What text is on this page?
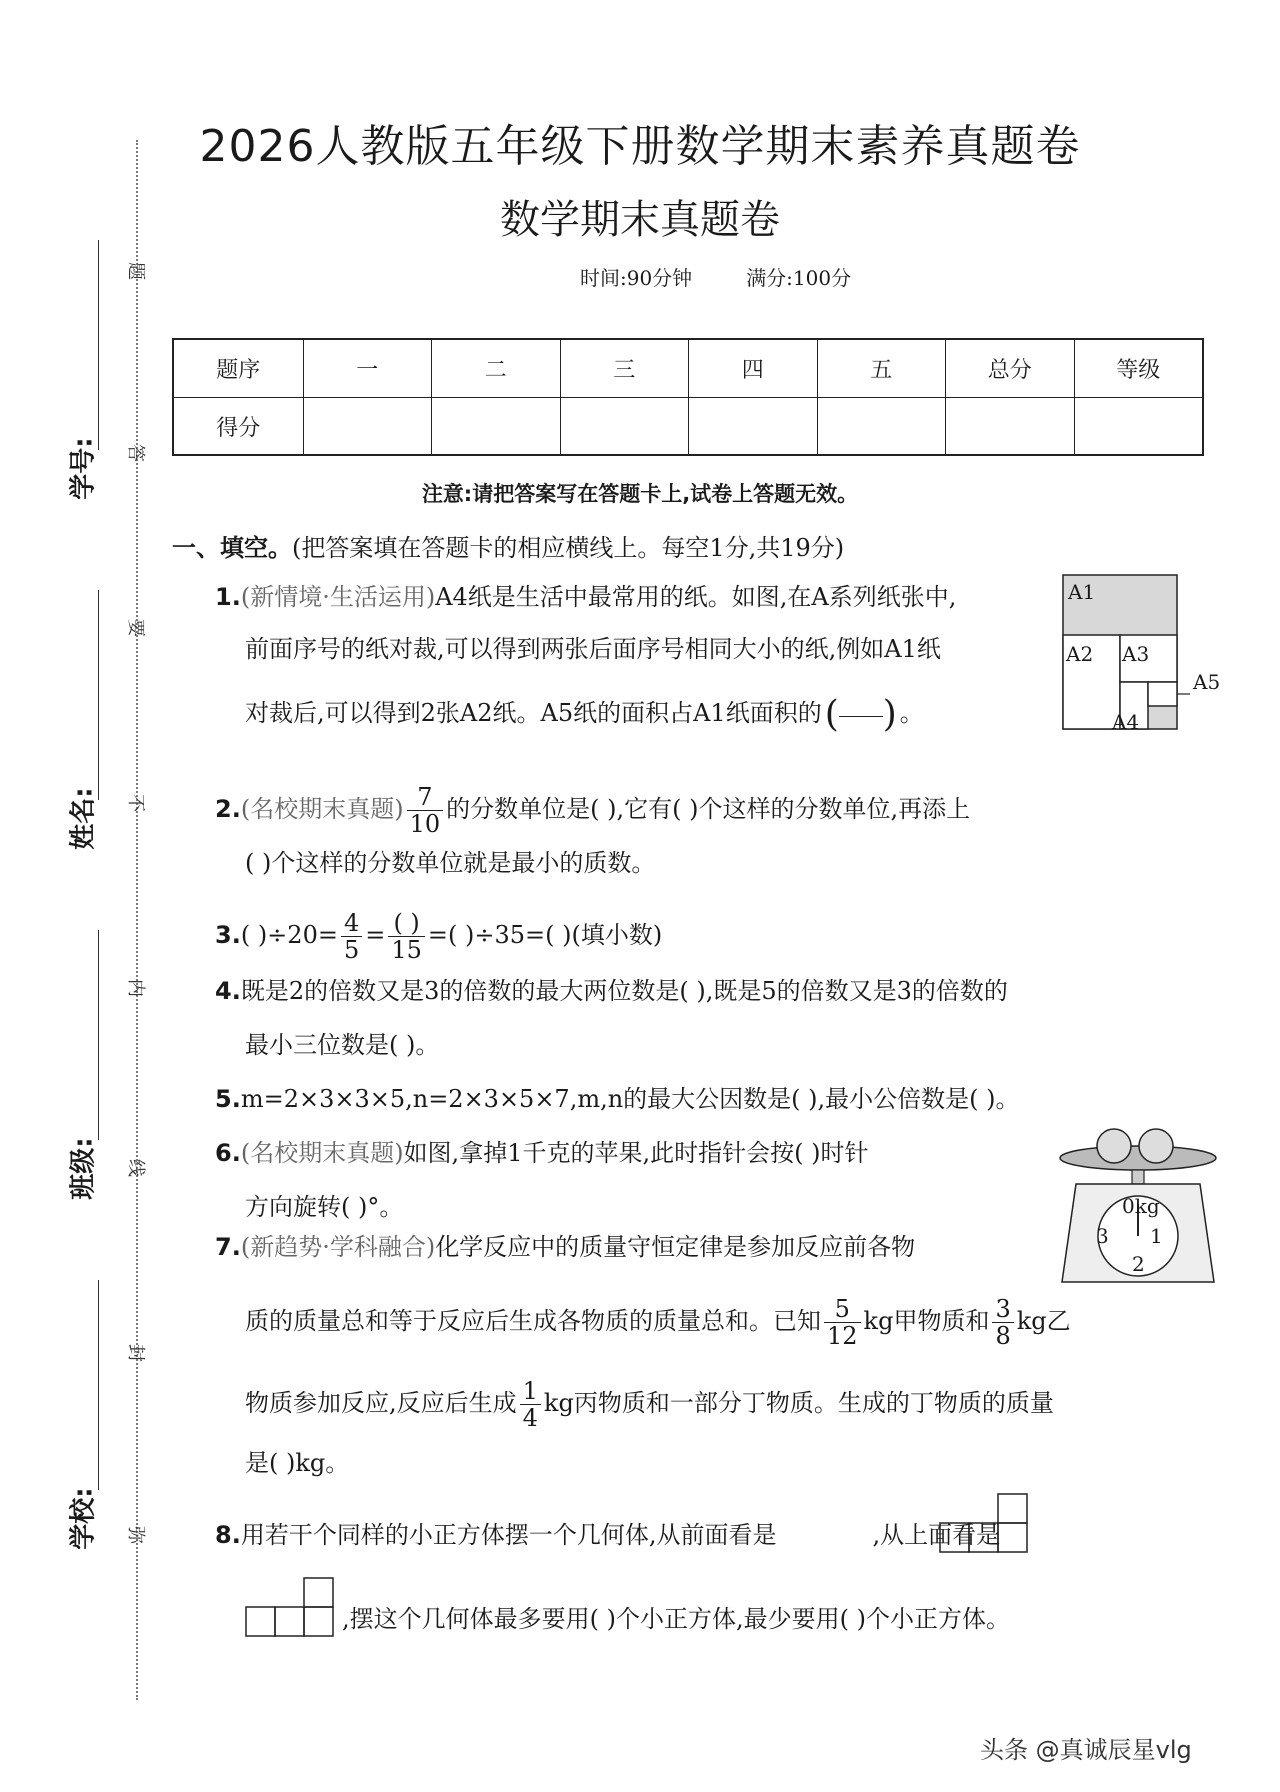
学号:
姓名:
班级:
学校:
题
答
要
不
内
线
封
弥
2026人教版五年级下册数学期末素养真题卷
数学期末真题卷
时间:90分钟	满分:100分
题序	一	二	三	四	五	总分	等级
得分
注意:请把答案写在答题卡上,试卷上答题无效。
一、填空。(把答案填在答题卡的相应横线上。每空1分,共19分)
1.(新情境·生活运用)A4纸是生活中最常用的纸。如图,在A系列纸张中,
前面序号的纸对裁,可以得到两张后面序号相同大小的纸,例如A1纸
对裁后,可以得到2张A2纸。A5纸的面积占A1纸面积的( ) 。
A1
A2 A3
A4
A5
2.(名校期末真题) $\frac{7}{10}$ 的分数单位是( ),它有( )个这样的分数单位,再添上
( )个这样的分数单位就是最小的质数。
3.( )$\div 20= \frac{4}{5} = \frac{( )}{15}$ =( )÷35=( )(填小数)
4.既是2的倍数又是3的倍数的最大两位数是( ),既是5的倍数又是3的倍数的
最小三位数是( )。
5.m=2×3×3×5,n=2×3×5×7,m,n的最大公因数是( ),最小公倍数是( )。
6.(名校期末真题)如图,拿掉1千克的苹果,此时指针会按( )时针
方向旋转( )°。	0kg
1
2
3
7.(新趋势·学科融合)化学反应中的质量守恒定律是参加反应前各物
质的质量总和等于反应后生成各物质的质量总和。已知 $\frac{5}{12}$ kg甲物质和 $\frac{3}{8}$ kg乙
物质参加反应,反应后生成 $\frac{1}{4}$ kg丙物质和一部分丁物质。生成的丁物质的质量
是( )kg。
8.用若干个同样的小正方体摆一个几何体,从前面看是	,从上面看是
,摆这个几何体最多要用( )个小正方体,最少要用( )个小正方体。
头条 @真诚辰星vlg
